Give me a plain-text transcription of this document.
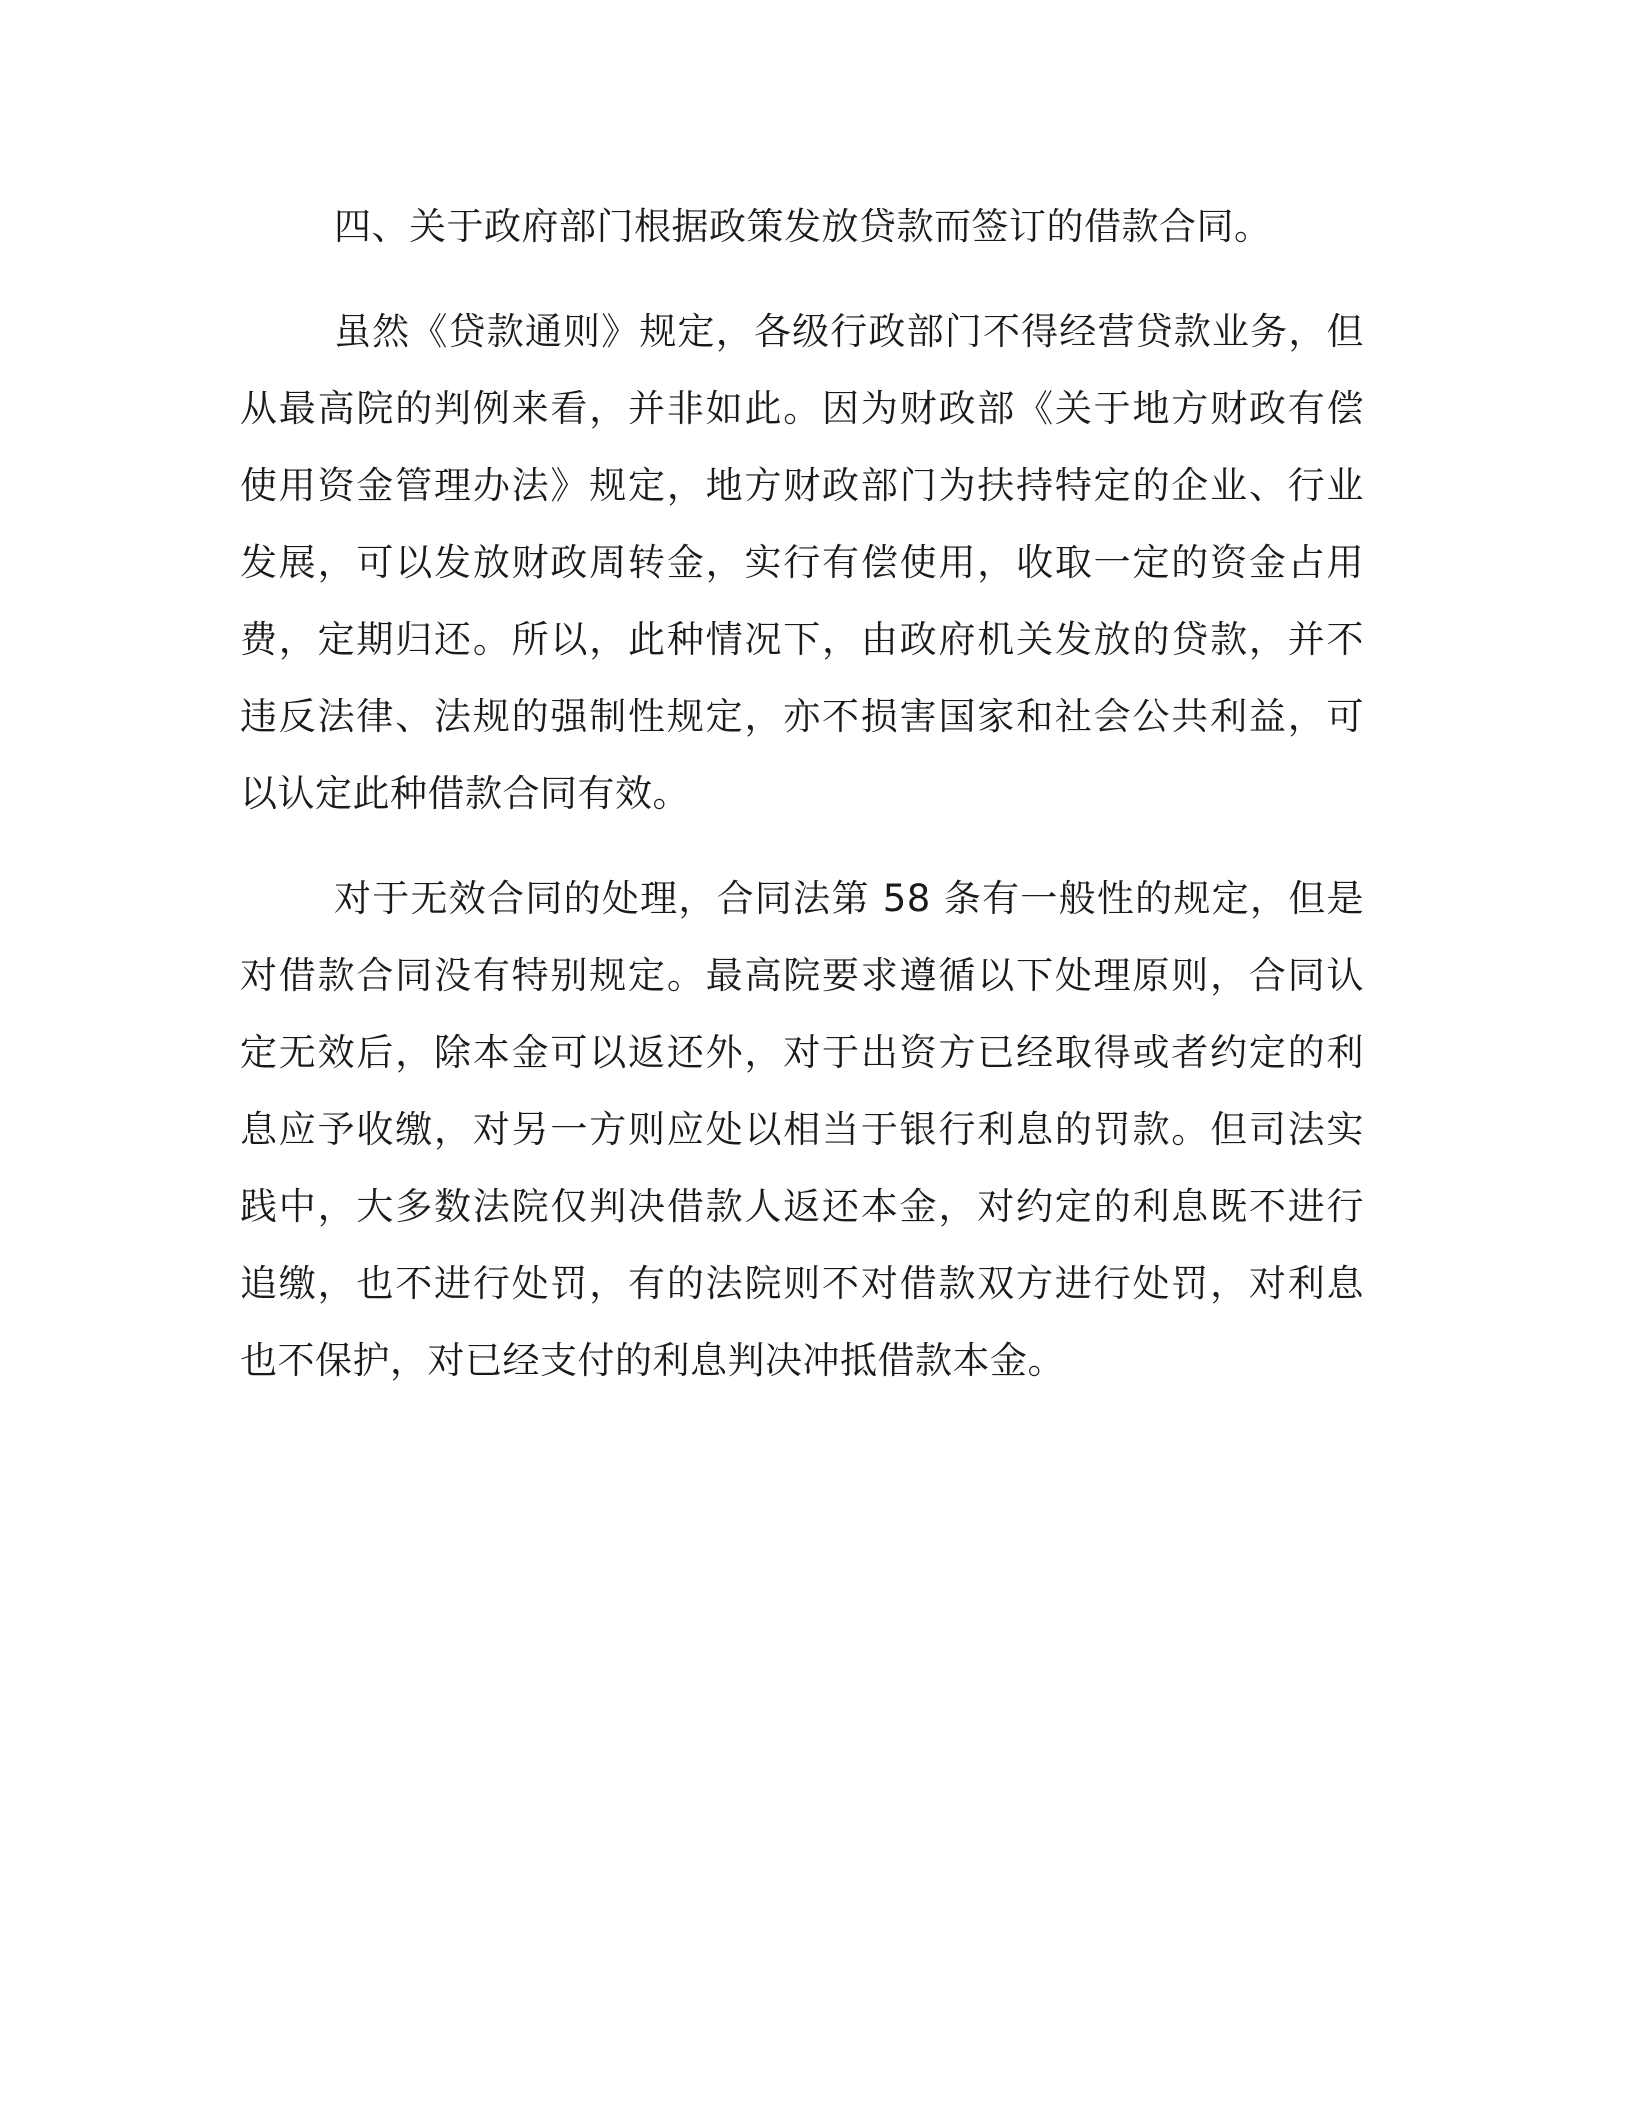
四、关于政府部门根据政策发放贷款而签订的借款合同。

虽然《贷款通则》规定，各级行政部门不得经营贷款业务，但从最高院的判例来看，并非如此。因为财政部《关于地方财政有偿使用资金管理办法》规定，地方财政部门为扶持特定的企业、行业发展，可以发放财政周转金，实行有偿使用，收取一定的资金占用费，定期归还。所以，此种情况下，由政府机关发放的贷款，并不违反法律、法规的强制性规定，亦不损害国家和社会公共利益，可以认定此种借款合同有效。

对于无效合同的处理，合同法第 58 条有一般性的规定，但是对借款合同没有特别规定。最高院要求遵循以下处理原则，合同认定无效后，除本金可以返还外，对于出资方已经取得或者约定的利息应予收缴，对另一方则应处以相当于银行利息的罚款。但司法实践中，大多数法院仅判决借款人返还本金，对约定的利息既不进行追缴，也不进行处罚，有的法院则不对借款双方进行处罚，对利息也不保护，对已经支付的利息判决冲抵借款本金。
